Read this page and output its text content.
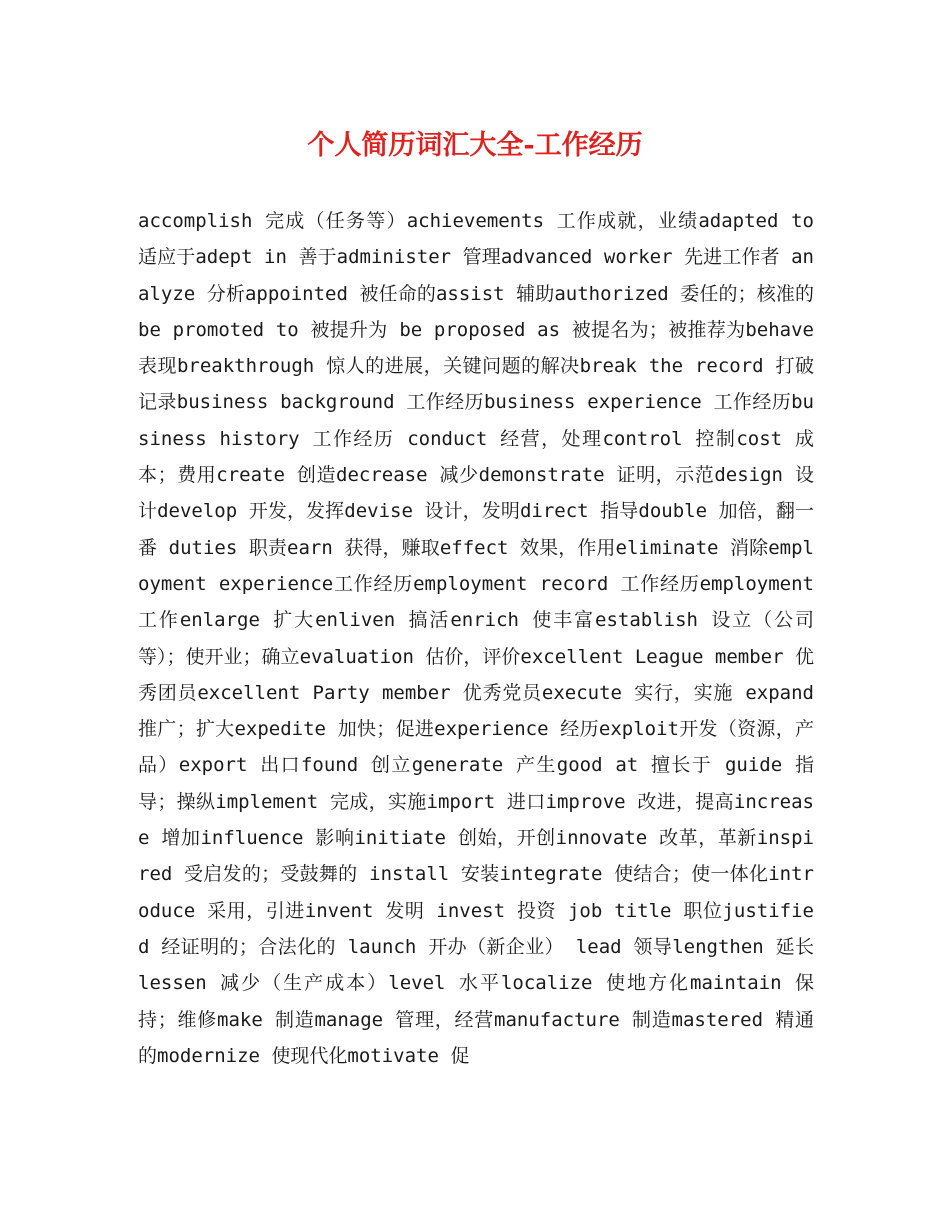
个人简历词汇大全-工作经历

accomplish 完成（任务等）achievements 工作成就，业绩adapted to 适应于adept in 善于administer 管理advanced worker 先进工作者 analyze 分析appointed 被任命的assist 辅助authorized 委任的；核准的 be promoted to 被提升为 be proposed as 被提名为；被推荐为behave 表现breakthrough 惊人的进展，关键问题的解决break the record 打破记录business background 工作经历business experience 工作经历business history 工作经历 conduct 经营，处理control 控制cost 成本；费用create 创造decrease 减少demonstrate 证明，示范design 设计develop 开发，发挥devise 设计，发明direct 指导double 加倍，翻一番 duties 职责earn 获得，赚取effect 效果，作用eliminate 消除employment experience工作经历employment record 工作经历employment 工作enlarge 扩大enliven 搞活enrich 使丰富establish 设立（公司等）；使开业；确立evaluation 估价，评价excellent League member 优秀团员excellent Party member 优秀党员execute 实行，实施 expand 推广；扩大expedite 加快；促进experience 经历exploit开发（资源，产品）export 出口found 创立generate 产生good at 擅长于 guide 指导；操纵implement 完成，实施import 进口improve 改进，提高increase 增加influence 影响initiate 创始，开创innovate 改革，革新inspired 受启发的；受鼓舞的 install 安装integrate 使结合；使一体化introduce 采用，引进invent 发明 invest 投资 job title 职位justified 经证明的；合法化的 launch 开办（新企业） lead 领导lengthen 延长lessen 减少（生产成本）level 水平localize 使地方化maintain 保持；维修make 制造manage 管理，经营manufacture 制造mastered 精通的modernize 使现代化motivate 促
